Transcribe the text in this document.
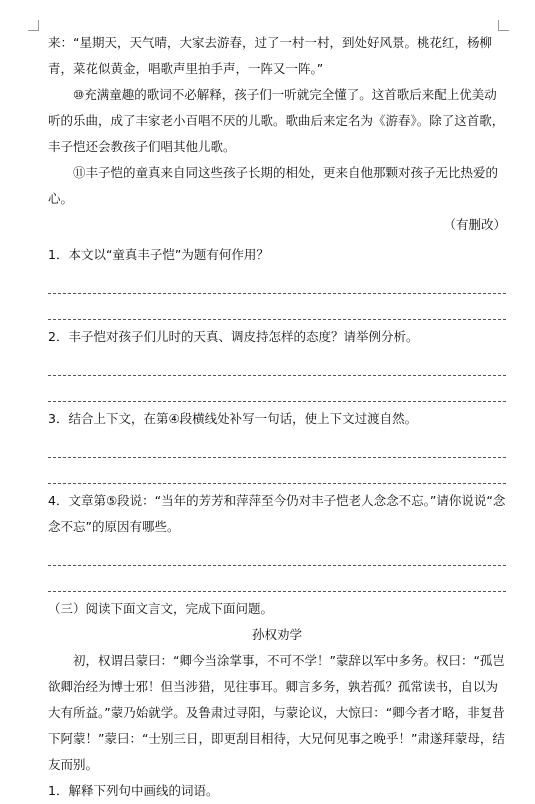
来：“星期天，天气晴，大家去游春，过了一村一村，到处好风景。桃花红，杨柳青，菜花似黄金，唱歌声里拍手声，一阵又一阵。”

⑩充满童趣的歌词不必解释，孩子们一听就完全懂了。这首歌后来配上优美动听的乐曲，成了丰家老小百唱不厌的儿歌。歌曲后来定名为《游春》。除了这首歌，丰子恺还会教孩子们唱其他儿歌。

⑪丰子恺的童真来自同这些孩子长期的相处，更来自他那颗对孩子无比热爱的心。

（有删改）

1．本文以“童真丰子恺”为题有何作用？

2．丰子恺对孩子们儿时的天真、调皮持怎样的态度？请举例分析。

3．结合上下文，在第④段横线处补写一句话，使上下文过渡自然。

4．文章第⑤段说：“当年的芳芳和萍萍至今仍对丰子恺老人念念不忘。”请你说说“念念不忘”的原因有哪些。

（三）阅读下面文言文，完成下面问题。

孙权劝学

初，权谓吕蒙曰：“卿今当涂掌事，不可不学！”蒙辞以军中多务。权曰：“孤岂欲卿治经为博士邪！但当涉猎，见往事耳。卿言多务，孰若孤？孤常读书，自以为大有所益。”蒙乃始就学。及鲁肃过寻阳，与蒙论议，大惊曰：“卿今者才略，非复昔下阿蒙！”蒙曰：“士别三日，即更刮目相待，大兄何见事之晚乎！”肃遂拜蒙母，结友而别。

1．解释下列句中画线的词语。
